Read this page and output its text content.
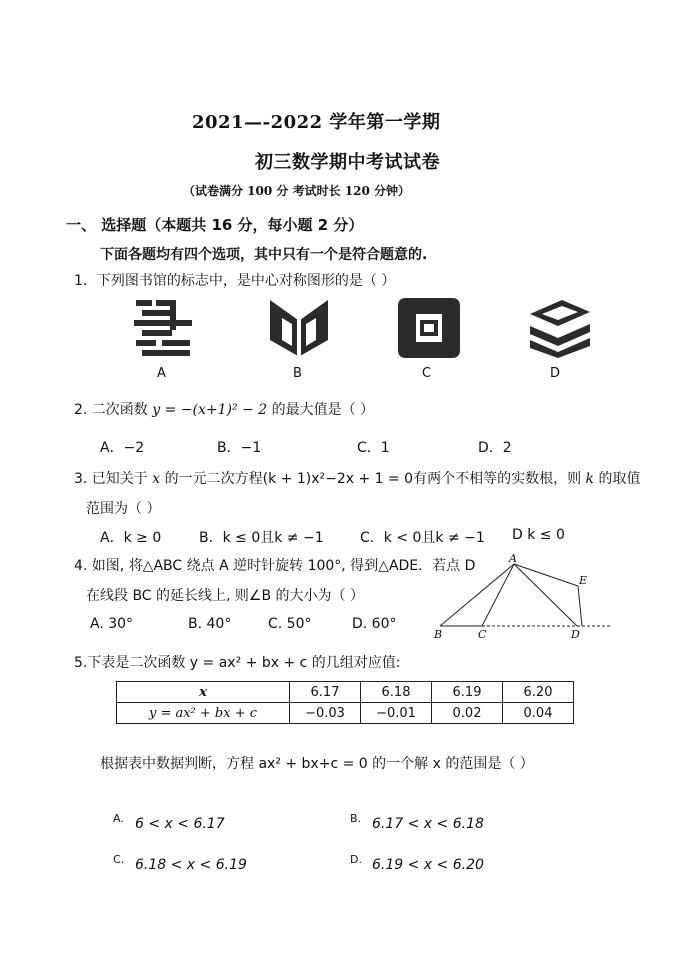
2021—-2022 学年第一学期
初三数学期中考试试卷
（试卷满分 100 分 考试时长 120 分钟）
一、 选择题（本题共 16 分，每小题 2 分）
下面各题均有四个选项，其中只有一个是符合题意的.
1．下列图书馆的标志中，是中心对称图形的是（ ）
A	B	C	D
2. 二次函数 y = −(x+1)² − 2 的最大值是（ ）
A．−2	B．−1	C．1	D．2
3. 已知关于 x 的一元二次方程(k + 1)x²−2x + 1 = 0有两个不相等的实数根，则 k 的取值
范围为（ ）
A．k ≥ 0	B．k ≤ 0且k ≠ −1	C．k < 0且k ≠ −1 D k ≤ 0
4. 如图, 将△ABC 绕点 A 逆时针旋转 100°, 得到△ADE．若点 D
在线段 BC 的延长线上, 则∠B 的大小为（ ）
A. 30°	B. 40°	C. 50°	D. 60°
A
E
B	C	D
5.下表是二次函数 y = ax² + bx + c 的几组对应值:
x	6.17	6.18	6.19	6.20
y = ax² + bx + c	−0.03	−0.01	0.02	0.04
根据表中数据判断，方程 ax² + bx+c = 0 的一个解 x 的范围是（ ）
A. 6 < x < 6.17	B. 6.17 < x < 6.18
C. 6.18 < x < 6.19	D. 6.19 < x < 6.20
